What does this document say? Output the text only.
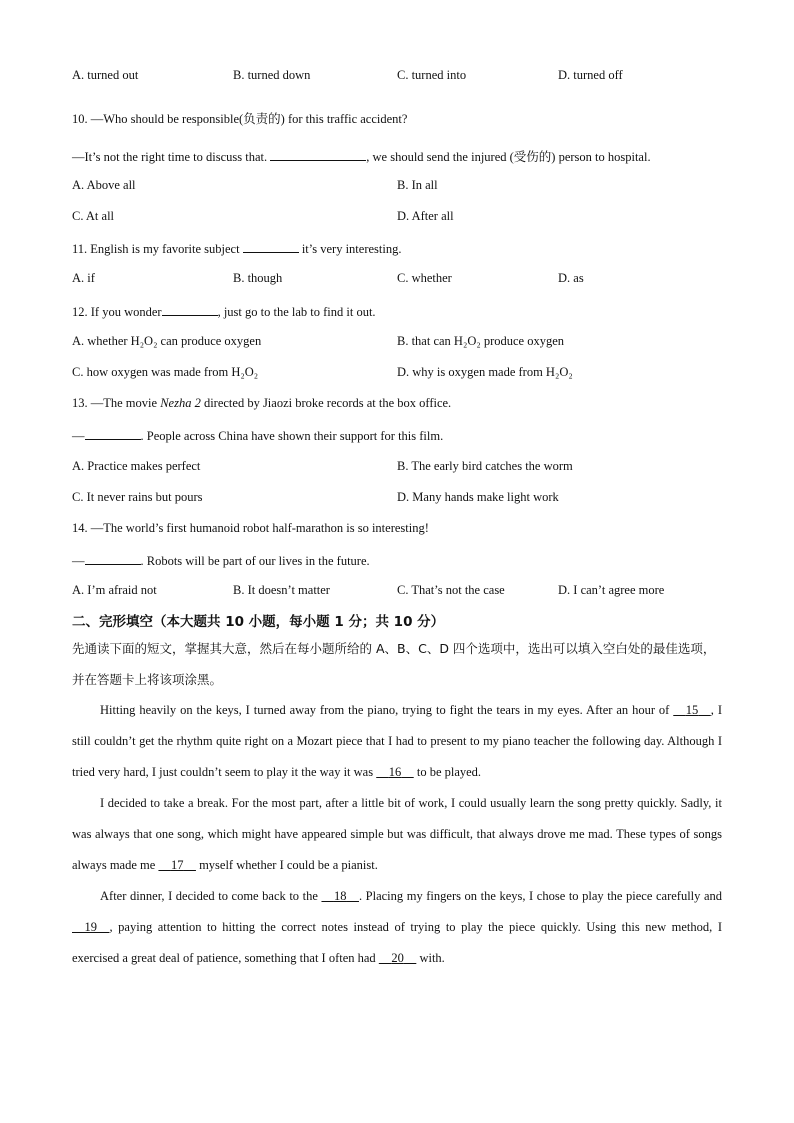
A. turned out	B. turned down	C. turned into	D. turned off
10. —Who should be responsible(负责的) for this traffic accident?
—It’s not the right time to discuss that.	, we should send the injured (受伤的) person to hospital.
A. Above all	B. In all
C. At all	D. After all
11. English is my favorite subject	it’s very interesting.
A. if	B. though	C. whether	D. as
12. If you wonder	, just go to the lab to find it out.
A. whether H₂O₂ can produce oxygen	B. that can H₂O₂ produce oxygen
C. how oxygen was made from H₂O₂	D. why is oxygen made from H₂O₂
13. —The movie Nezha 2 directed by Jiaozi broke records at the box office.
—	. People across China have shown their support for this film.
A. Practice makes perfect	B. The early bird catches the worm
C. It never rains but pours	D. Many hands make light work
14. —The world’s first humanoid robot half-marathon is so interesting!
—	. Robots will be part of our lives in the future.
A. I’m afraid not	B. It doesn’t matter	C. That’s not the case	D. I can’t agree more
二、完形填空（本大题共 10 小题，每小题 1 分；共 10 分）
先通读下面的短文，掌握其大意，然后在每小题所给的 A、B、C、D 四个选项中，选出可以填入空白处的最佳选项，并在答题卡上将该项涂黑。

Hitting heavily on the keys, I turned away from the piano, trying to fight the tears in my eyes. After an hour of   15   , I still couldn’t get the rhythm quite right on a Mozart piece that I had to present to my piano teacher the following day. Although I tried very hard, I just couldn’t seem to play it the way it was   16   to be played.

I decided to take a break. For the most part, after a little bit of work, I could usually learn the song pretty quickly. Sadly, it was always that one song, which might have appeared simple but was difficult, that always drove me mad. These types of songs always made me   17   myself whether I could be a pianist.

After dinner, I decided to come back to the   18   . Placing my fingers on the keys, I chose to play the piece carefully and   19   , paying attention to hitting the correct notes instead of trying to play the piece quickly. Using this new method, I exercised a great deal of patience, something that I often had   20   with.
